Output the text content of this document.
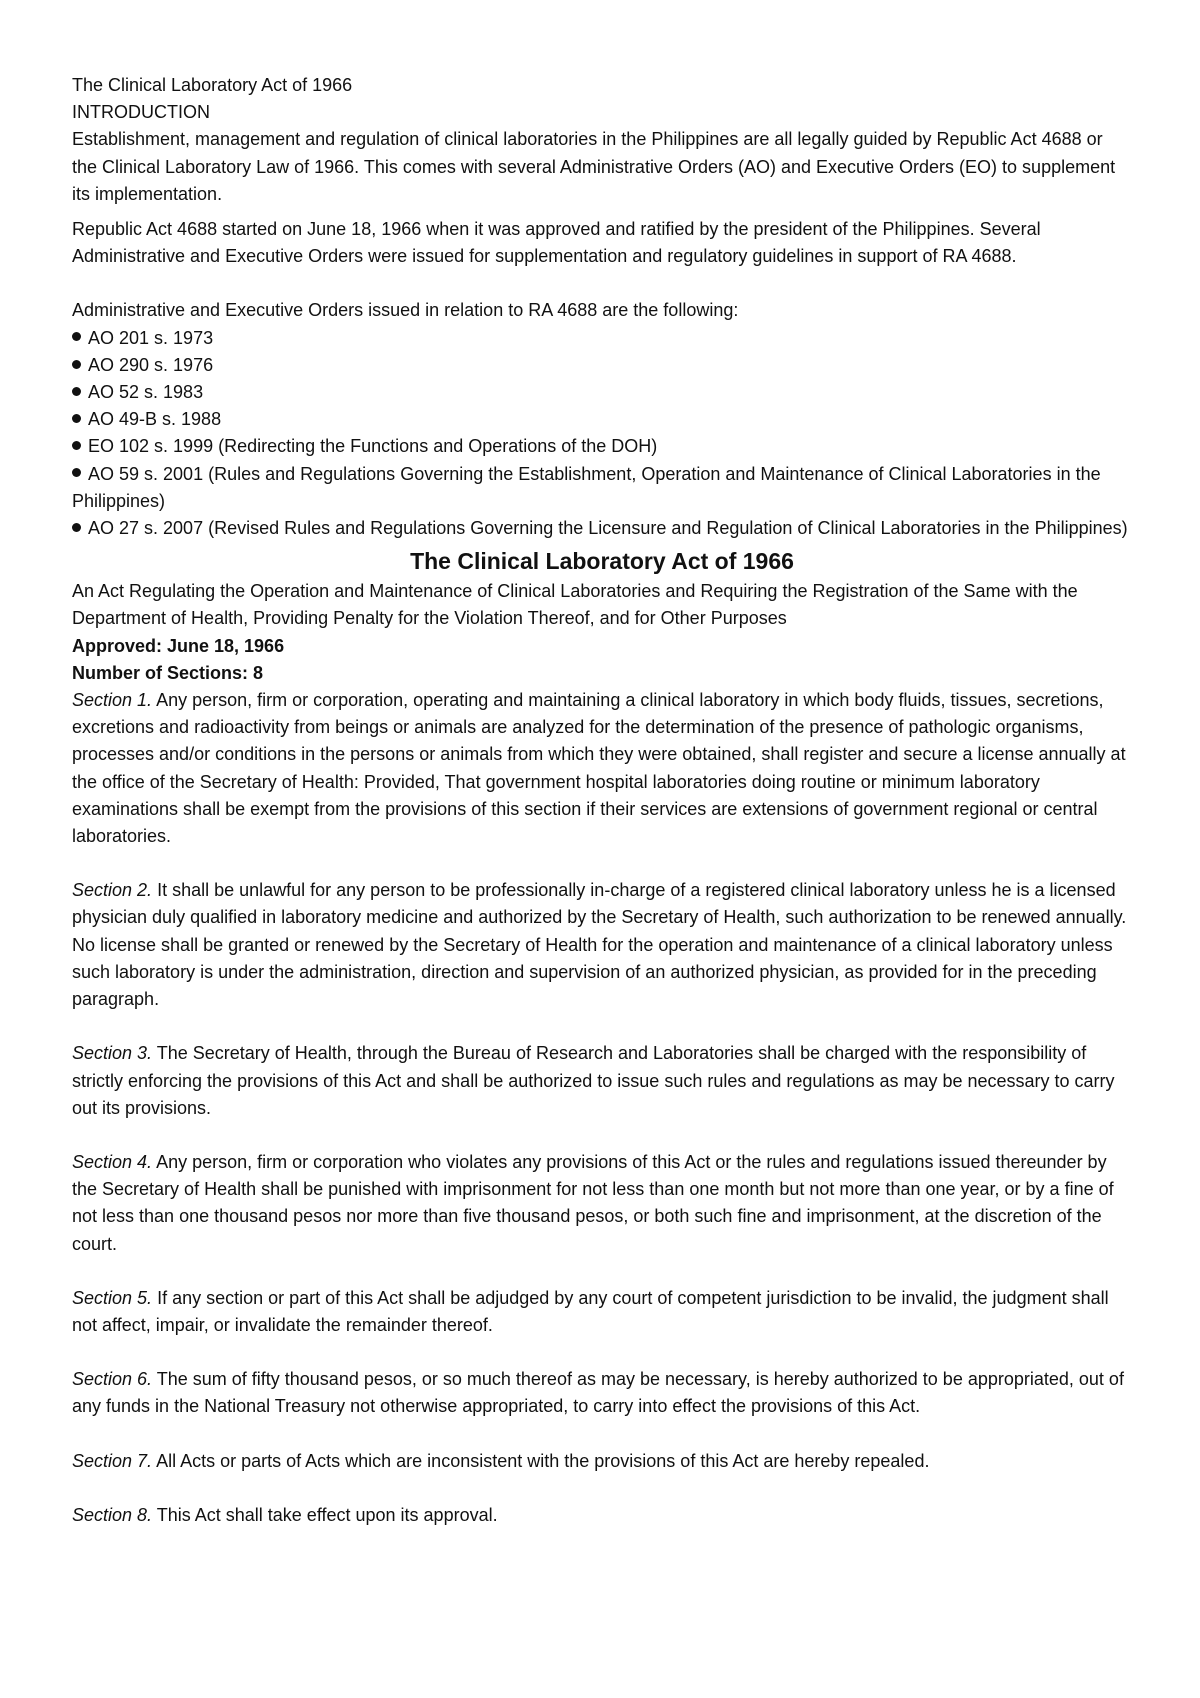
The Clinical Laboratory Act of 1966

INTRODUCTION

Establishment, management and regulation of clinical laboratories in the Philippines are all legally guided by Republic Act 4688 or the Clinical Laboratory Law of 1966. This comes with several Administrative Orders (AO) and Executive Orders (EO) to supplement its implementation.

Republic Act 4688 started on June 18, 1966 when it was approved and ratified by the president of the Philippines. Several Administrative and Executive Orders were issued for supplementation and regulatory guidelines in support of RA 4688.

Administrative and Executive Orders issued in relation to RA 4688 are the following:

AO 201 s. 1973
AO 290 s. 1976
AO 52 s. 1983
AO 49-B s. 1988
EO 102 s. 1999 (Redirecting the Functions and Operations of the DOH)
AO 59 s. 2001 (Rules and Regulations Governing the Establishment, Operation and Maintenance of Clinical Laboratories in the Philippines)
AO 27 s. 2007 (Revised Rules and Regulations Governing the Licensure and Regulation of Clinical Laboratories in the Philippines)
The Clinical Laboratory Act of 1966

An Act Regulating the Operation and Maintenance of Clinical Laboratories and Requiring the Registration of the Same with the Department of Health, Providing Penalty for the Violation Thereof, and for Other Purposes

Approved: June 18, 1966

Number of Sections: 8

Section 1. Any person, firm or corporation, operating and maintaining a clinical laboratory in which body fluids, tissues, secretions, excretions and radioactivity from beings or animals are analyzed for the determination of the presence of pathologic organisms, processes and/or conditions in the persons or animals from which they were obtained, shall register and secure a license annually at the office of the Secretary of Health: Provided, That government hospital laboratories doing routine or minimum laboratory examinations shall be exempt from the provisions of this section if their services are extensions of government regional or central laboratories.

Section 2. It shall be unlawful for any person to be professionally in-charge of a registered clinical laboratory unless he is a licensed physician duly qualified in laboratory medicine and authorized by the Secretary of Health, such authorization to be renewed annually. No license shall be granted or renewed by the Secretary of Health for the operation and maintenance of a clinical laboratory unless such laboratory is under the administration, direction and supervision of an authorized physician, as provided for in the preceding paragraph.

Section 3. The Secretary of Health, through the Bureau of Research and Laboratories shall be charged with the responsibility of strictly enforcing the provisions of this Act and shall be authorized to issue such rules and regulations as may be necessary to carry out its provisions.

Section 4. Any person, firm or corporation who violates any provisions of this Act or the rules and regulations issued thereunder by the Secretary of Health shall be punished with imprisonment for not less than one month but not more than one year, or by a fine of not less than one thousand pesos nor more than five thousand pesos, or both such fine and imprisonment, at the discretion of the court.

Section 5. If any section or part of this Act shall be adjudged by any court of competent jurisdiction to be invalid, the judgment shall not affect, impair, or invalidate the remainder thereof.

Section 6. The sum of fifty thousand pesos, or so much thereof as may be necessary, is hereby authorized to be appropriated, out of any funds in the National Treasury not otherwise appropriated, to carry into effect the provisions of this Act.

Section 7. All Acts or parts of Acts which are inconsistent with the provisions of this Act are hereby repealed.

Section 8. This Act shall take effect upon its approval.
